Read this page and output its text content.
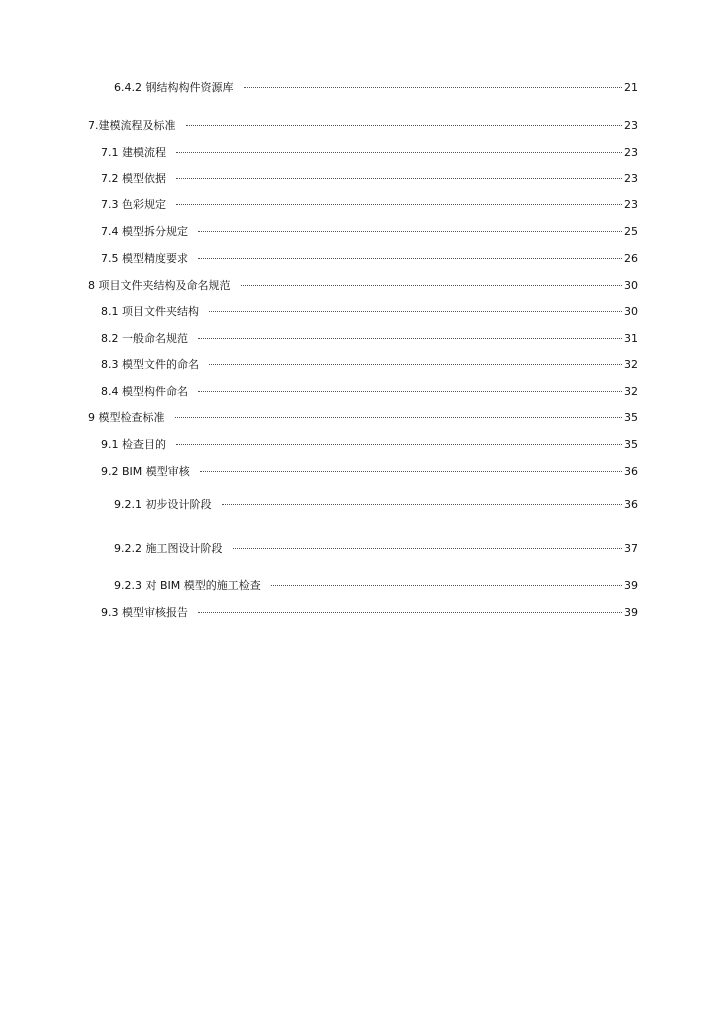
6.4.2 钢结构构件资源库	21
7.建模流程及标准	23
7.1 建模流程	23
7.2 模型依据	23
7.3 色彩规定	23
7.4 模型拆分规定	25
7.5 模型精度要求	26
8 项目文件夹结构及命名规范	30
8.1 项目文件夹结构	30
8.2 一般命名规范	31
8.3 模型文件的命名	32
8.4 模型构件命名	32
9 模型检查标准	35
9.1 检查目的	35
9.2 BIM 模型审核	36
9.2.1 初步设计阶段	36
9.2.2 施工图设计阶段	37
9.2.3 对 BIM 模型的施工检查	39
9.3 模型审核报告	39
